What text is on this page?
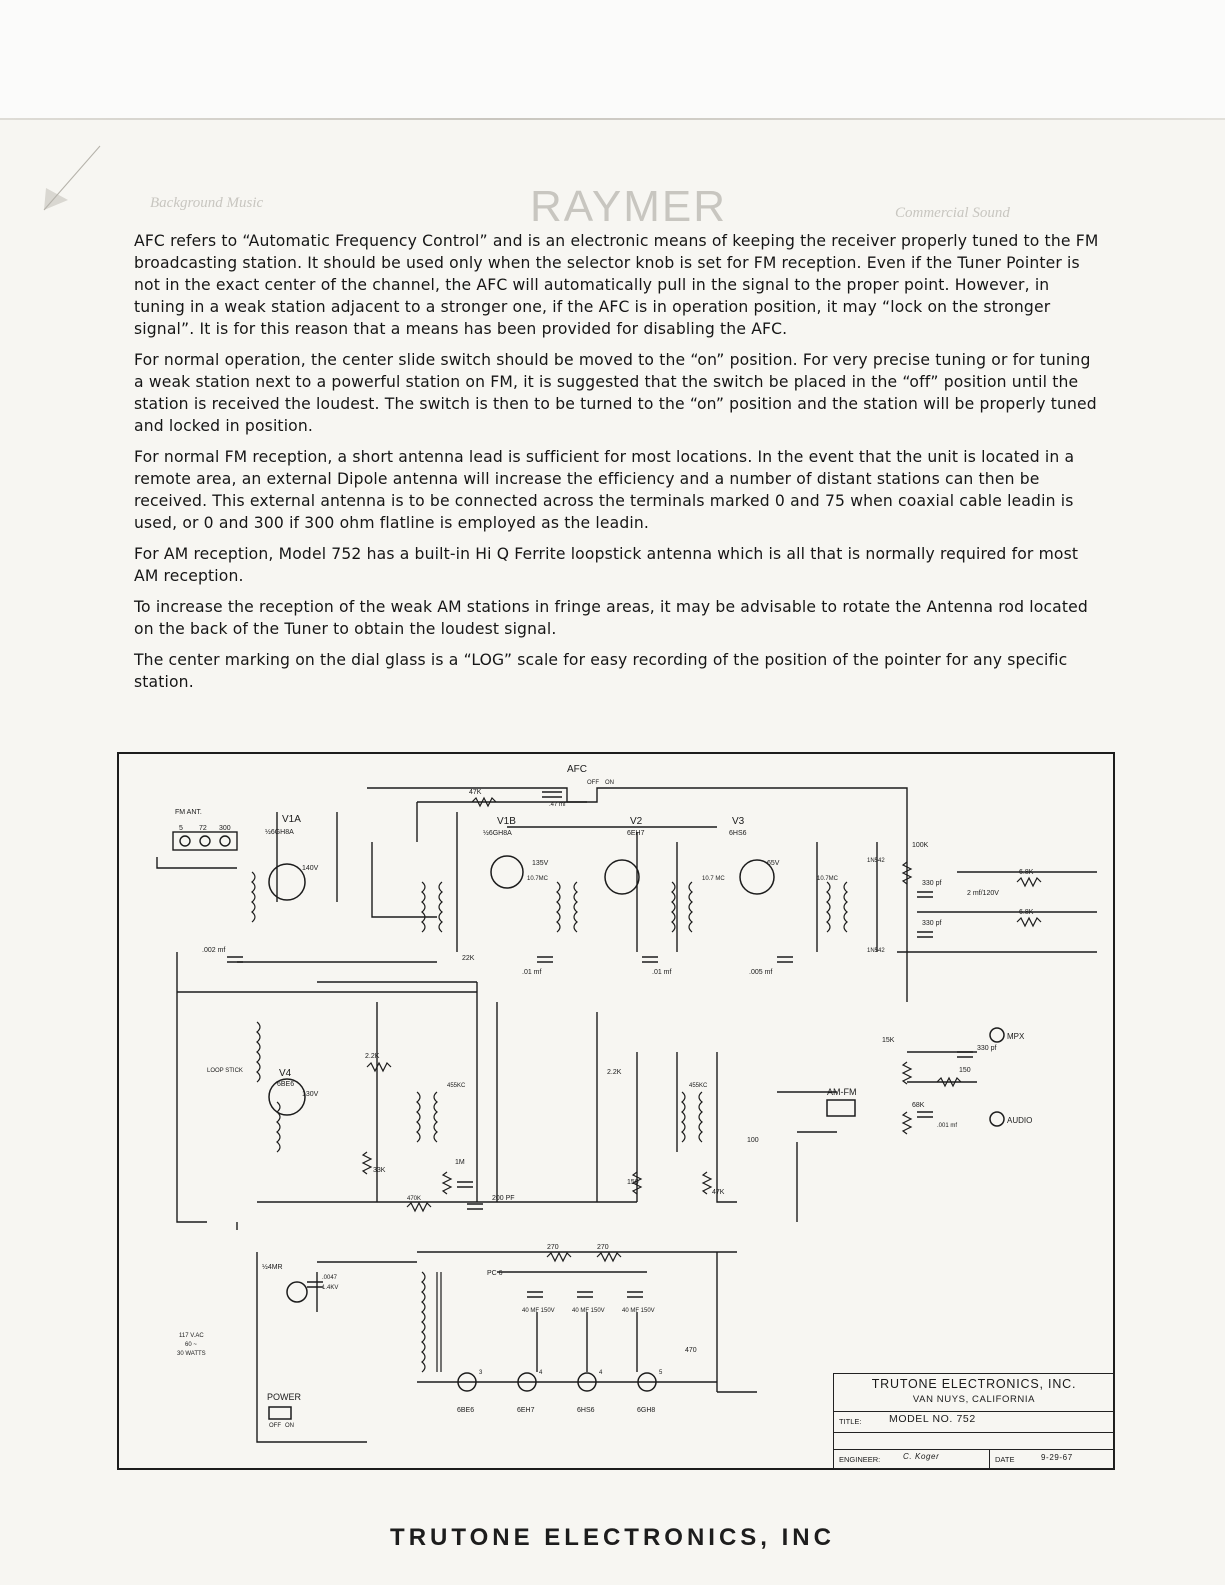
RAYMER
Background Music
Commercial Sound

AFC refers to “Automatic Frequency Control” and is an electronic means of keeping the receiver properly tuned to the FM broadcasting station. It should be used only when the selector knob is set for FM reception. Even if the Tuner Pointer is not in the exact center of the channel, the AFC will automatically pull in the signal to the proper point. However, in tuning in a weak station adjacent to a stronger one, if the AFC is in operation position, it may “lock on the stronger signal”. It is for this reason that a means has been provided for disabling the AFC.

For normal operation, the center slide switch should be moved to the “on” position. For very precise tuning or for tuning a weak station next to a powerful station on FM, it is suggested that the switch be placed in the “off” position until the station is received the loudest. The switch is then to be turned to the “on” position and the station will be properly tuned and locked in position.

For normal FM reception, a short antenna lead is sufficient for most locations. In the event that the unit is located in a remote area, an external Dipole antenna will increase the efficiency and a number of distant stations can then be received. This external antenna is to be connected across the terminals marked 0 and 75 when coaxial cable leadin is used, or 0 and 300 if 300 ohm flatline is employed as the leadin.

For AM reception, Model 752 has a built-in Hi Q Ferrite loopstick antenna which is all that is normally required for most AM reception.

To increase the reception of the weak AM stations in fringe areas, it may be advisable to rotate the Antenna rod located on the back of the Tuner to obtain the loudest signal.

The center marking on the dial glass is a “LOG” scale for easy recording of the position of the pointer for any specific station.

AFC
OFF ON
FM ANT.
5 72 300
V1A
½6GH8A
V1B
½6GH8A
V2
6EH7
V3
6HS6
V4
6BE6
LOOP STICK
47K
.47 mf
100K
6.8K
6.8K
330 pf
330 pf
2 mf/120V
1N542
1N542
10.7MC	10.7 MC	10.7MC
.002 mf
.01 mf	.01 mf	.005 mf
22K
2.2K
2.2K
15K
150
150
330 pf
68K
.001 mf
MPX
AUDIO
AM-FM
455KC	455KC
100
47K
200 PF
470K
1M
33K
130V
140V
135V	65V
½4MR
.0047
1.4KV
117 V.AC
60 ~
30 WATTS
POWER
OFF ON
PC 6
270	270
40 MF 150V	40 MF 150V	40 MF 150V
470
6BE6	6EH7	6HS6	6GH8
3	4	4	5
TRUTONE ELECTRONICS, INC.
VAN NUYS, CALIFORNIA
TITLE:	MODEL NO. 752
ENGINEER:	C. Koger	DATE	9-29-67
TRUTONE ELECTRONICS, INC
